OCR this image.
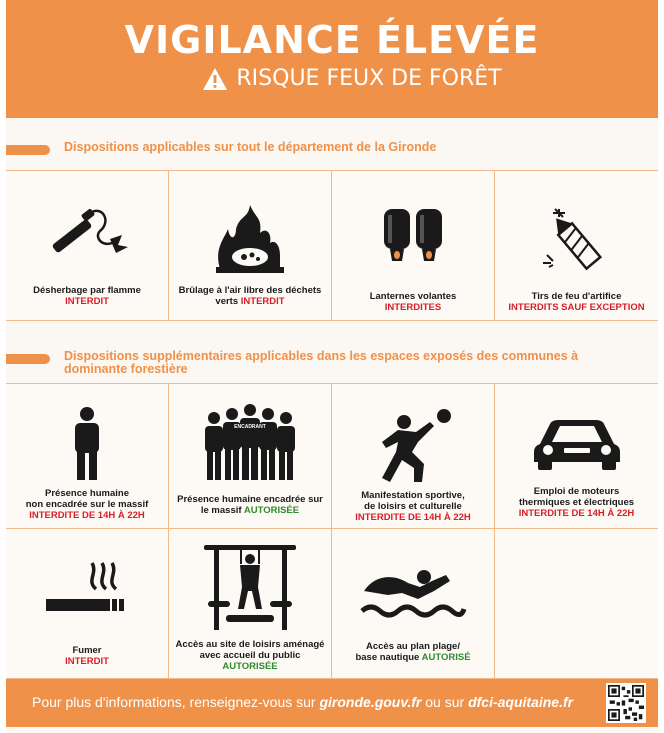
VIGILANCE ÉLEVÉE
RISQUE FEUX DE FORÊT
Dispositions applicables sur tout le département de la Gironde
Désherbage par flamme
INTERDIT
Brûlage à l'air libre des déchets verts INTERDIT	Lanternes volantes
INTERDITES
Tirs de feu d'artifice
INTERDITS SAUF EXCEPTION
Dispositions supplémentaires applicables dans les espaces exposés des communes à dominante forestière
Présence humaine
non encadrée sur le massif
INTERDITE DE 14H À 22H
ENCADRANT
Présence humaine encadrée sur
le massif AUTORISÉE
Manifestation sportive,
de loisirs et culturelle
INTERDITE DE 14H À 22H
Emploi de moteurs
thermiques et électriques
INTERDITE DE 14H À 22H
Fumer
INTERDIT
Accès au site de loisirs aménagé
avec accueil du public
AUTORISÉE
Accès au plan plage/
base nautique AUTORISÉ
Pour plus d'informations, renseignez-vous sur gironde.gouv.fr ou sur dfci-aquitaine.fr
